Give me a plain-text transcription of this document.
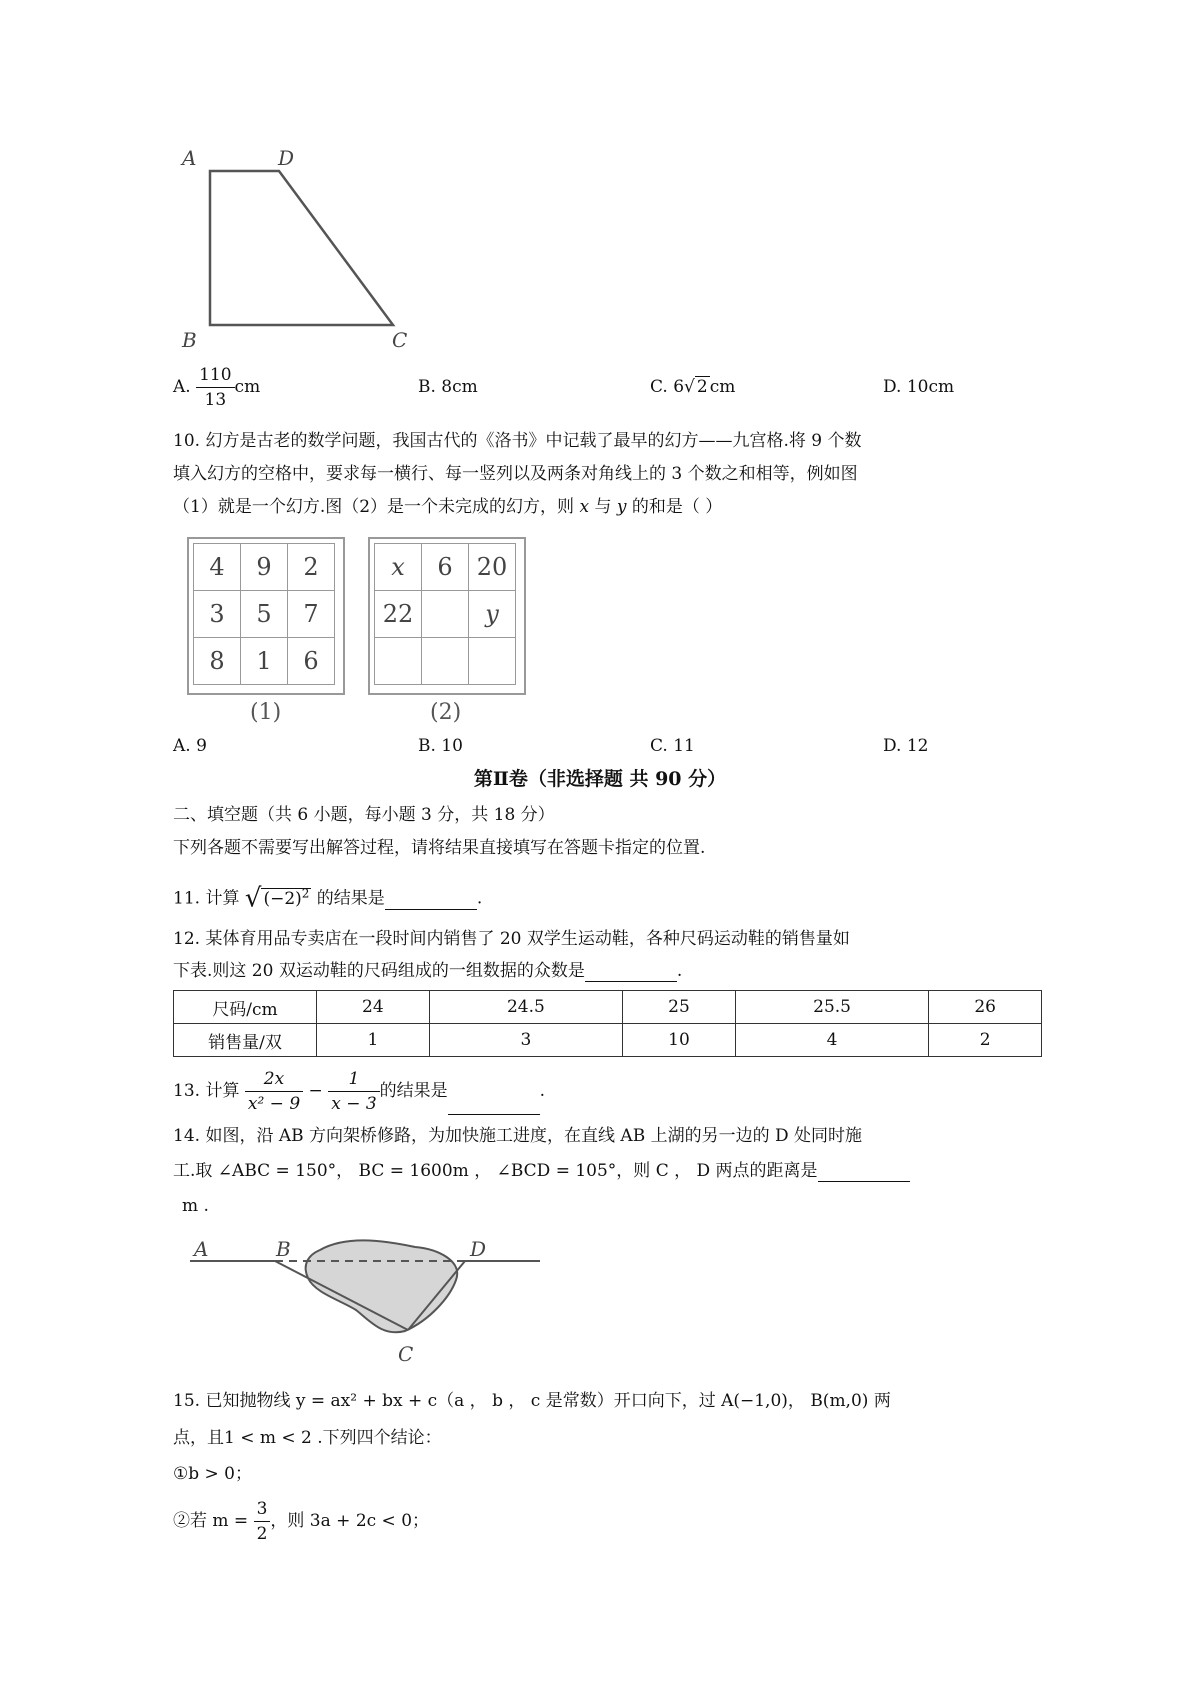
A	D
B	C
A. $\frac{110}{13}$ cm	B. 8cm	C. 6√ 2 cm	D. 10cm
10. 幻方是古老的数学问题，我国古代的《洛书》中记载了最早的幻方——九宫格.将 9 个数
填入幻方的空格中，要求每一横行、每一竖列以及两条对角线上的 3 个数之和相等，例如图
（1）就是一个幻方.图（2）是一个未完成的幻方，则 x 与 y 的和是（ ）
4	9	2
3	5	7
8	1	6
(1)
x	6	20
22		y

(2)
A. 9	B. 10	C. 11	D. 12
第Ⅱ卷（非选择题 共 90 分）
二、填空题（共 6 小题，每小题 3 分，共 18 分）
下列各题不需要写出解答过程，请将结果直接填写在答题卡指定的位置.
11. 计算 √ $(-2)^2$ 的结果是	.
12. 某体育用品专卖店在一段时间内销售了 20 双学生运动鞋，各种尺码运动鞋的销售量如
下表.则这 20 双运动鞋的尺码组成的一组数据的众数是	.
尺码/cm	24	24.5	25	25.5	26
销售量/双	1	3	10	4	2
13. 计算 $\frac{2x}{\text{x² − 9}} - \frac{1}{x - 3}$ 的结果是	.
14. 如图，沿 AB 方向架桥修路，为加快施工进度，在直线 AB 上湖的另一边的 D 处同时施
工.取 ∠ABC = 150°， BC = 1600m ， ∠BCD = 105°，则 C ， D 两点的距离是
m .
A	B	D
C
15. 已知抛物线 y = ax² + bx + c（a ， b ， c 是常数）开口向下，过 A(−1,0)， B(m,0) 两
点，且1 < m < 2 .下列四个结论：
①b > 0；
②若 $m = \frac{3}{2}$ ，则 3a + 2c < 0；
